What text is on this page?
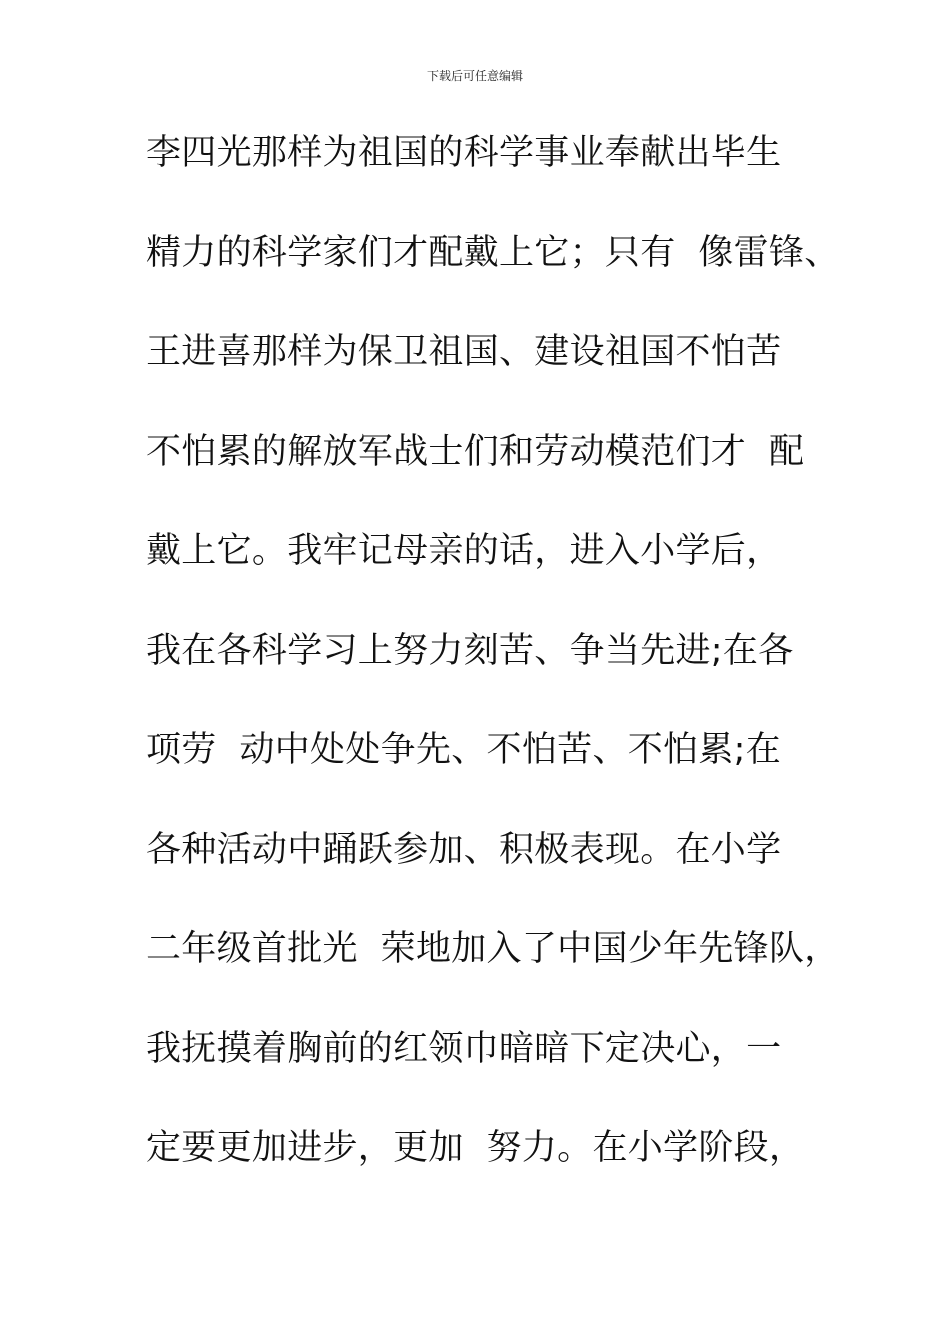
下载后可任意编辑
李四光那样为祖国的科学事业奉献出毕生
精力的科学家们才配戴上它；只有  像雷锋、
王进喜那样为保卫祖国、建设祖国不怕苦
不怕累的解放军战士们和劳动模范们才  配
戴上它。我牢记母亲的话，进入小学后，
我在各科学习上努力刻苦、争当先进;在各
项劳  动中处处争先、不怕苦、不怕累;在
各种活动中踊跃参加、积极表现。在小学
二年级首批光  荣地加入了中国少年先锋队，
我抚摸着胸前的红领巾暗暗下定决心，一
定要更加进步，更加  努力。在小学阶段，
